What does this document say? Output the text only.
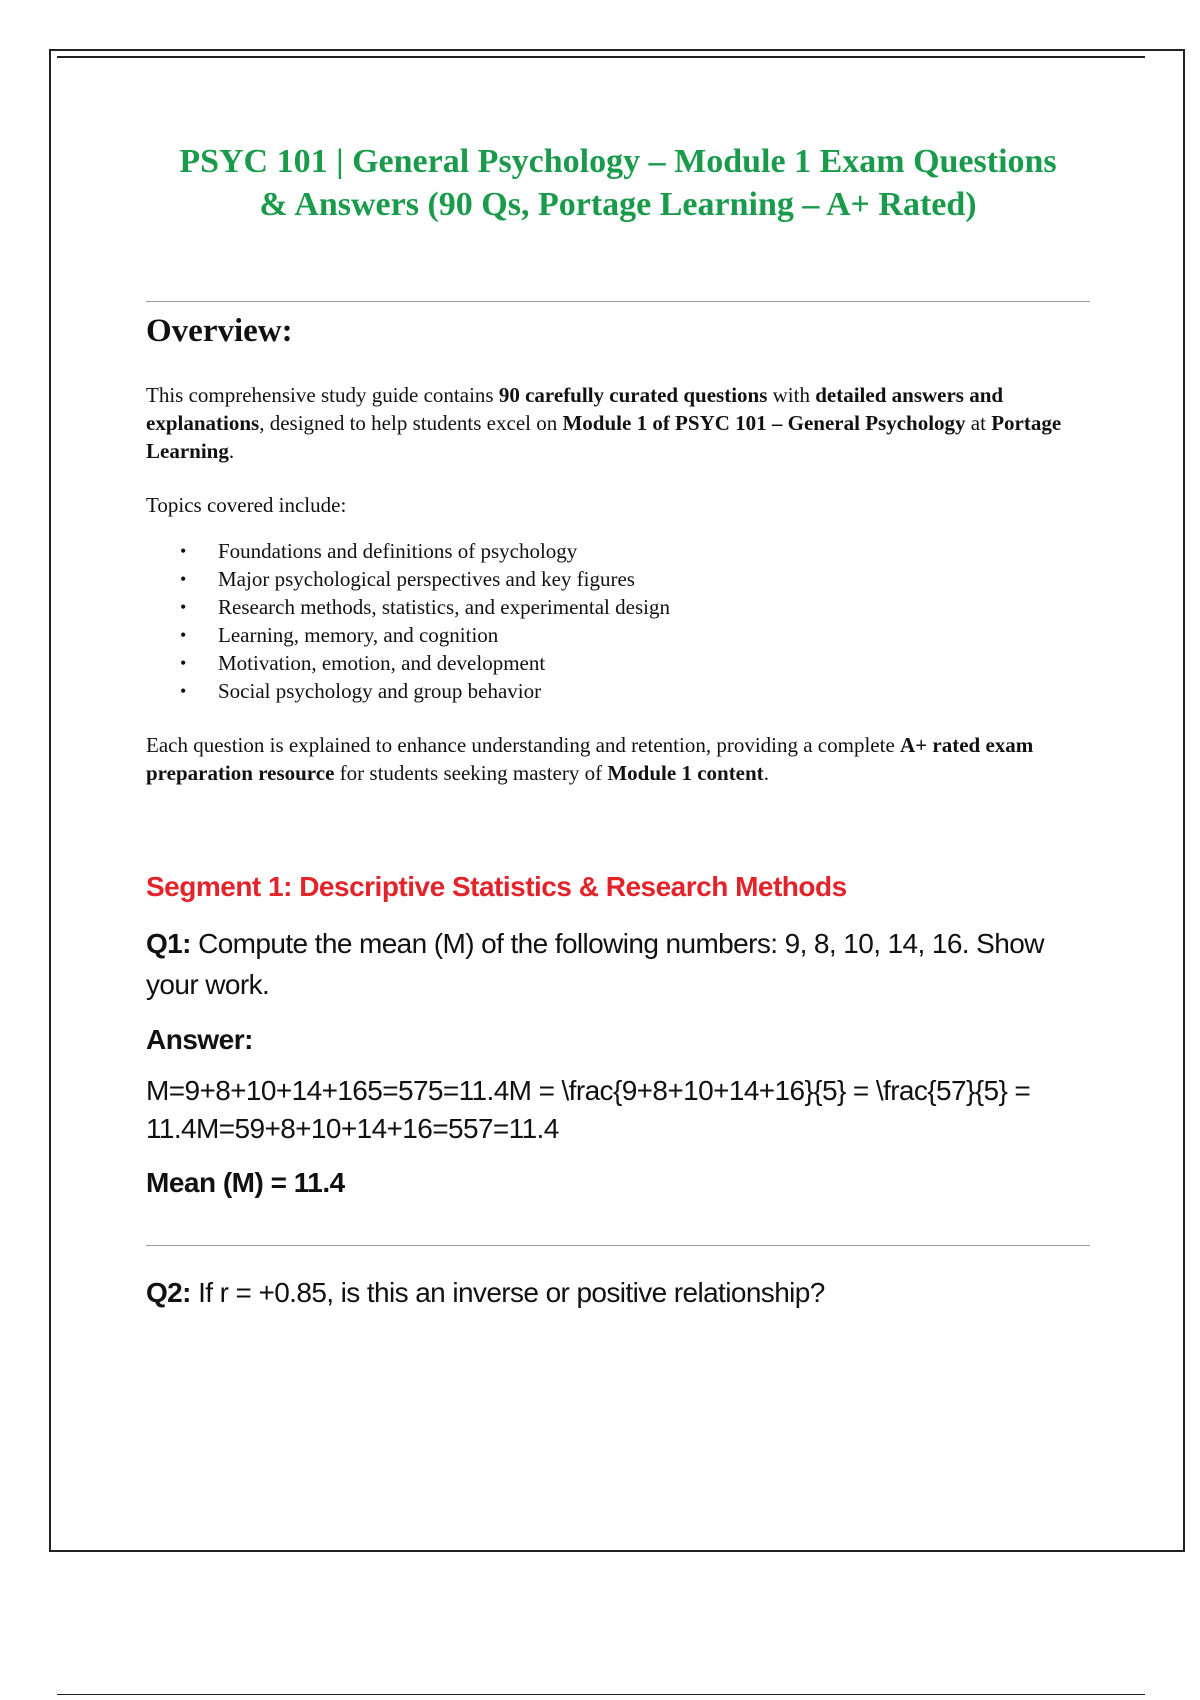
PSYC 101 | General Psychology – Module 1 Exam Questions
& Answers (90 Qs, Portage Learning – A+ Rated)
Overview:

This comprehensive study guide contains 90 carefully curated questions with detailed answers and explanations, designed to help students excel on Module 1 of PSYC 101 – General Psychology at Portage Learning.

Topics covered include:

• Foundations and definitions of psychology
• Major psychological perspectives and key figures
• Research methods, statistics, and experimental design
• Learning, memory, and cognition
• Motivation, emotion, and development
• Social psychology and group behavior

Each question is explained to enhance understanding and retention, providing a complete A+ rated exam preparation resource for students seeking mastery of Module 1 content.

Segment 1: Descriptive Statistics & Research Methods

Q1: Compute the mean (M) of the following numbers: 9, 8, 10, 14, 16. Show your work.

Answer:

M=9+8+10+14+165=575=11.4M = \frac{9+8+10+14+16}{5} = \frac{57}{5} = 11.4M=59+8+10+14+16=557=11.4

Mean (M) = 11.4

Q2: If r = +0.85, is this an inverse or positive relationship?
